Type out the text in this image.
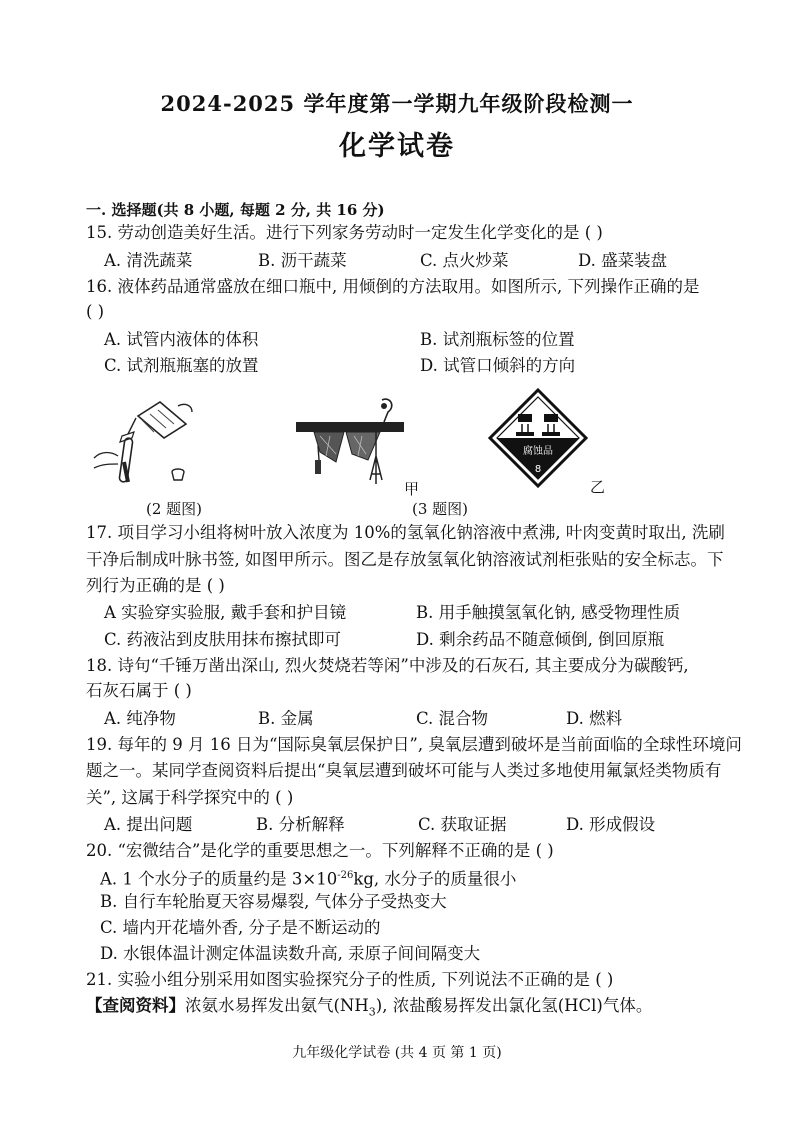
2024-2025 学年度第一学期九年级阶段检测一
化学试卷
一. 选择题(共 8 小题, 每题 2 分, 共 16 分)
15. 劳动创造美好生活。进行下列家务劳动时一定发生化学变化的是 ( )
A. 清洗蔬菜	B. 沥干蔬菜	C. 点火炒菜	D. 盛菜装盘
16. 液体药品通常盛放在细口瓶中, 用倾倒的方法取用。如图所示, 下列操作正确的是
( )
A. 试管内液体的体积	B. 试剂瓶标签的位置
C. 试剂瓶瓶塞的放置	D. 试管口倾斜的方向
腐蚀品
8
甲	乙
(2 题图)	(3 题图)
17. 项目学习小组将树叶放入浓度为 10%的氢氧化钠溶液中煮沸, 叶肉变黄时取出, 洗刷
干净后制成叶脉书签, 如图甲所示。图乙是存放氢氧化钠溶液试剂柜张贴的安全标志。下
列行为正确的是 ( )
A 实验穿实验服, 戴手套和护目镜	B. 用手触摸氢氧化钠, 感受物理性质
C. 药液沾到皮肤用抹布擦拭即可	D. 剩余药品不随意倾倒, 倒回原瓶
18. 诗句“千锤万凿出深山, 烈火焚烧若等闲”中涉及的石灰石, 其主要成分为碳酸钙,
石灰石属于 ( )
A. 纯净物	B. 金属	C. 混合物	D. 燃料
19. 每年的 9 月 16 日为“国际臭氧层保护日”, 臭氧层遭到破坏是当前面临的全球性环境问
题之一。某同学查阅资料后提出“臭氧层遭到破坏可能与人类过多地使用氟氯烃类物质有
关”, 这属于科学探究中的 ( )
A. 提出问题	B. 分析解释	C. 获取证据	D. 形成假设
20. “宏微结合”是化学的重要思想之一。下列解释不正确的是 ( )
A. 1 个水分子的质量约是 $3\times 10^{-26}kg$, 水分子的质量很小
B. 自行车轮胎夏天容易爆裂, 气体分子受热变大
C. 墙内开花墙外香, 分子是不断运动的
D. 水银体温计测定体温读数升高, 汞原子间间隔变大
21. 实验小组分别采用如图实验探究分子的性质, 下列说法不正确的是 ( )
【查阅资料】浓氨水易挥发出氨气$(NH_3)$, 浓盐酸易挥发出氯化氢(HCl)气体。
九年级化学试卷 (共 4 页 第 1 页)
